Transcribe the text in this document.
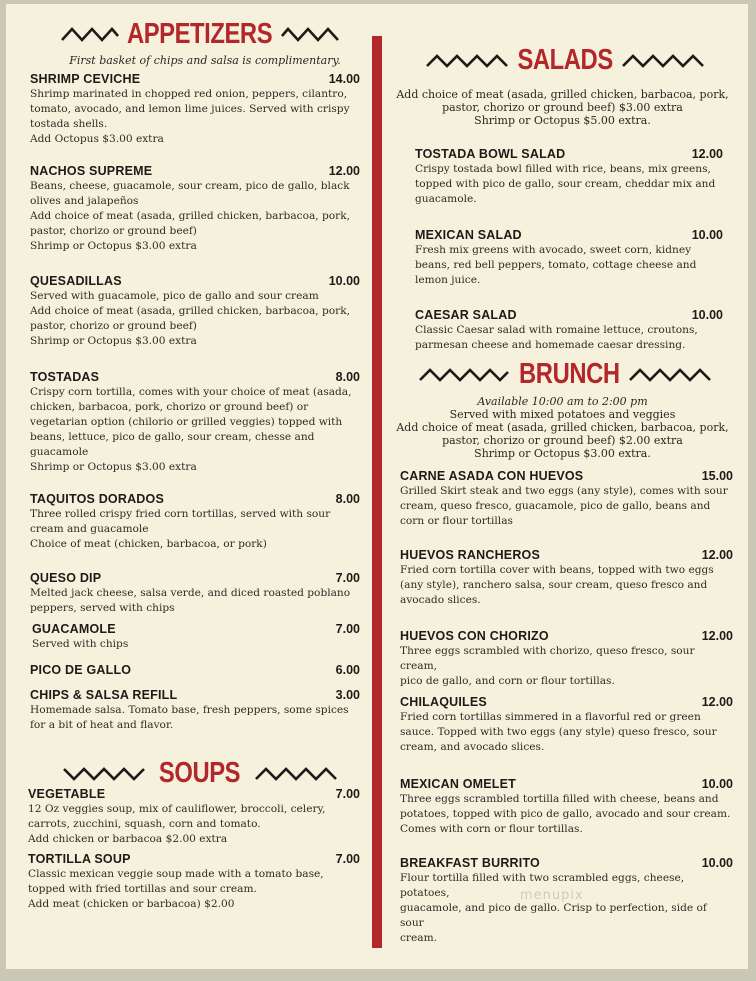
APPETIZERS
First basket of chips and salsa is complimentary.
SHRIMP CEVICHE	14.00
Shrimp marinated in chopped red onion, peppers, cilantro,
tomato, avocado, and lemon lime juices. Served with crispy
tostada shells.
Add Octopus $3.00 extra
NACHOS SUPREME	12.00
Beans, cheese, guacamole, sour cream, pico de gallo, black
olives and jalapeños
Add choice of meat (asada, grilled chicken, barbacoa, pork,
pastor, chorizo or ground beef)
Shrimp or Octopus $3.00 extra
QUESADILLAS	10.00
Served with guacamole, pico de gallo and sour cream
Add choice of meat (asada, grilled chicken, barbacoa, pork,
pastor, chorizo or ground beef)
Shrimp or Octopus $3.00 extra
TOSTADAS	8.00
Crispy corn tortilla, comes with your choice of meat (asada,
chicken, barbacoa, pork, chorizo or ground beef) or
vegetarian option (chilorio or grilled veggies) topped with
beans, lettuce, pico de gallo, sour cream, chesse and
guacamole
Shrimp or Octopus $3.00 extra
TAQUITOS DORADOS	8.00
Three rolled crispy fried corn tortillas, served with sour
cream and guacamole
Choice of meat (chicken, barbacoa, or pork)
QUESO DIP	7.00
Melted jack cheese, salsa verde, and diced roasted poblano
peppers, served with chips
GUACAMOLE	7.00
Served with chips
PICO DE GALLO	6.00
CHIPS & SALSA REFILL	3.00
Homemade salsa. Tomato base, fresh peppers, some spices
for a bit of heat and flavor.
SOUPS
VEGETABLE	7.00
12 Oz veggies soup, mix of cauliflower, broccoli, celery,
carrots, zucchini, squash, corn and tomato.
Add chicken or barbacoa $2.00 extra
TORTILLA SOUP	7.00
Classic mexican veggie soup made with a tomato base,
topped with fried tortillas and sour cream.
Add meat (chicken or barbacoa) $2.00
SALADS
Add choice of meat (asada, grilled chicken, barbacoa, pork,
pastor, chorizo or ground beef) $3.00 extra
Shrimp or Octopus $5.00 extra.
TOSTADA BOWL SALAD	12.00
Crispy tostada bowl filled with rice, beans, mix greens,
topped with pico de gallo, sour cream, cheddar mix and
guacamole.
MEXICAN SALAD	10.00
Fresh mix greens with avocado, sweet corn, kidney
beans, red bell peppers, tomato, cottage cheese and
lemon juice.
CAESAR SALAD	10.00
Classic Caesar salad with romaine lettuce, croutons,
parmesan cheese and homemade caesar dressing.
BRUNCH
Available 10:00 am to 2:00 pm
Served with mixed potatoes and veggies
Add choice of meat (asada, grilled chicken, barbacoa, pork,
pastor, chorizo or ground beef) $2.00 extra
Shrimp or Octopus $3.00 extra.
CARNE ASADA CON HUEVOS	15.00
Grilled Skirt steak and two eggs (any style), comes with sour
cream, queso fresco, guacamole, pico de gallo, beans and
corn or flour tortillas
HUEVOS RANCHEROS	12.00
Fried corn tortilla cover with beans, topped with two eggs
(any style), ranchero salsa, sour cream, queso fresco and
avocado slices.
HUEVOS CON CHORIZO	12.00
Three eggs scrambled with chorizo, queso fresco, sour cream,
pico de gallo, and corn or flour tortillas.
CHILAQUILES	12.00
Fried corn tortillas simmered in a flavorful red or green
sauce. Topped with two eggs (any style) queso fresco, sour
cream, and avocado slices.
MEXICAN OMELET	10.00
Three eggs scrambled tortilla filled with cheese, beans and
potatoes, topped with pico de gallo, avocado and sour cream.
Comes with corn or flour tortillas.
BREAKFAST BURRITO	10.00
Flour tortilla filled with two scrambled eggs, cheese, potatoes,
guacamole, and pico de gallo. Crisp to perfection, side of sour
cream.
menupix
